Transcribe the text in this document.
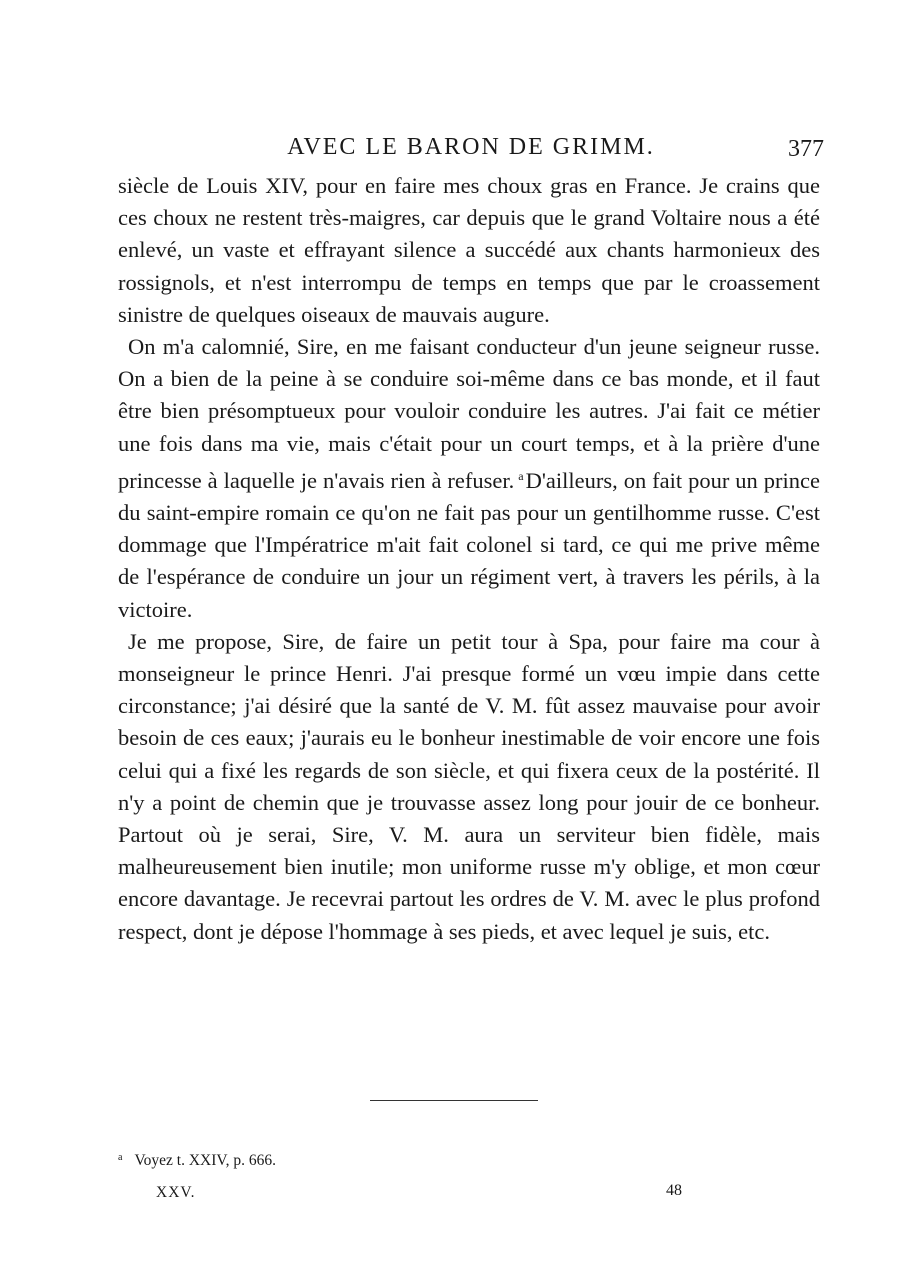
AVEC LE BARON DE GRIMM.	377

siècle de Louis XIV, pour en faire mes choux gras en France. Je crains que ces choux ne restent très-maigres, car depuis que le grand Voltaire nous a été enlevé, un vaste et effrayant silence a succédé aux chants harmonieux des rossignols, et n'est interrompu de temps en temps que par le croassement sinistre de quelques oiseaux de mauvais augure.

On m'a calomnié, Sire, en me faisant conducteur d'un jeune seigneur russe. On a bien de la peine à se conduire soi-même dans ce bas monde, et il faut être bien présomptueux pour vouloir conduire les autres. J'ai fait ce métier une fois dans ma vie, mais c'était pour un court temps, et à la prière d'une princesse à laquelle je n'avais rien à refuser. $^a$D'ailleurs, on fait pour un prince du saint-empire romain ce qu'on ne fait pas pour un gentilhomme russe. C'est dommage que l'Impératrice m'ait fait colonel si tard, ce qui me prive même de l'espérance de conduire un jour un régiment vert, à travers les périls, à la victoire.

Je me propose, Sire, de faire un petit tour à Spa, pour faire ma cour à monseigneur le prince Henri. J'ai presque formé un vœu impie dans cette circonstance; j'ai désiré que la santé de V. M. fût assez mauvaise pour avoir besoin de ces eaux; j'aurais eu le bonheur inestimable de voir encore une fois celui qui a fixé les regards de son siècle, et qui fixera ceux de la postérité. Il n'y a point de chemin que je trouvasse assez long pour jouir de ce bonheur. Partout où je serai, Sire, V. M. aura un serviteur bien fidèle, mais malheureusement bien inutile; mon uniforme russe m'y oblige, et mon cœur encore davantage. Je recevrai partout les ordres de V. M. avec le plus profond respect, dont je dépose l'hommage à ses pieds, et avec lequel je suis, etc.

$^a$ Voyez t. XXIV, p. 666.
XXV.	48
